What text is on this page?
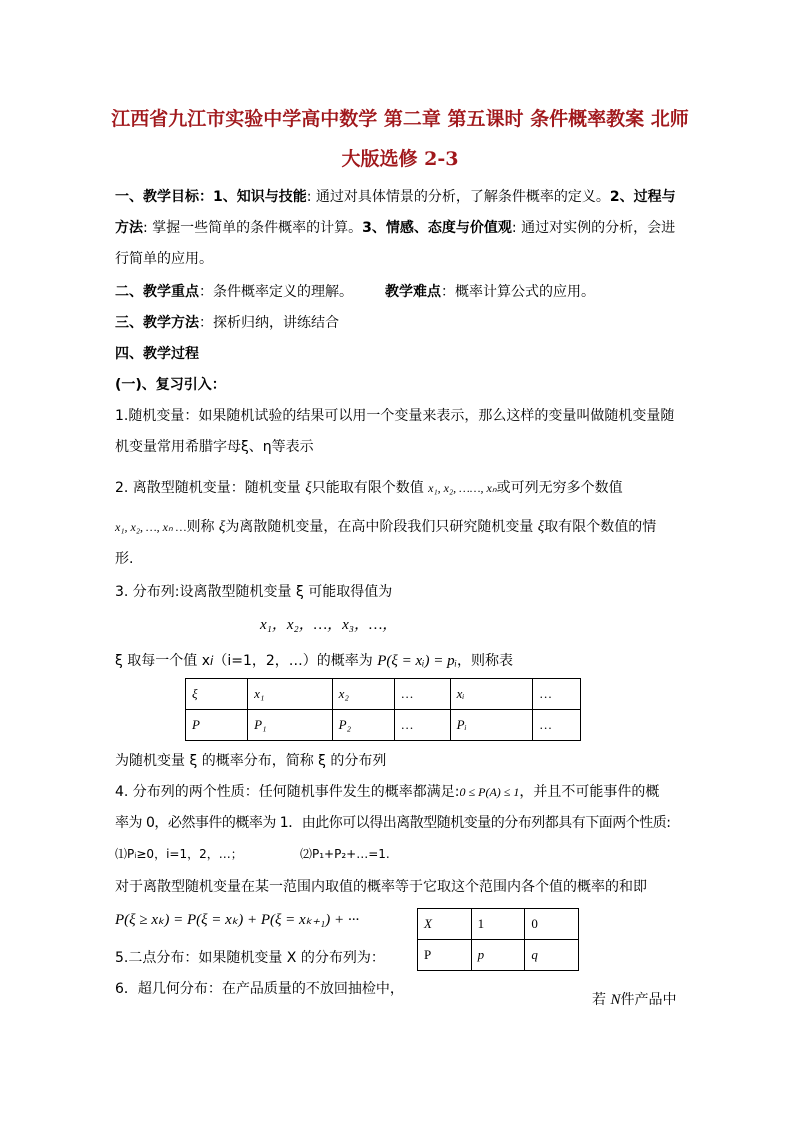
江西省九江市实验中学高中数学 第二章 第五课时 条件概率教案 北师
大版选修 2-3
一、教学目标：1、知识与技能: 通过对具体情景的分析，了解条件概率的定义。2、过程与
方法: 掌握一些简单的条件概率的计算。3、情感、态度与价值观: 通过对实例的分析，会进
行简单的应用。
二、教学重点：条件概率定义的理解。 教学难点：概率计算公式的应用。
三、教学方法：探析归纳，讲练结合
四、教学过程
(一)、复习引入：
1.随机变量：如果随机试验的结果可以用一个变量来表示，那么这样的变量叫做随机变量随
机变量常用希腊字母ξ、η等表示
2. 离散型随机变量：随机变量 ξ只能取有限个数值 x₁, x₂, ……, xₙ或可列无穷多个数值
x₁, x₂, …, xₙ …则称 ξ为离散随机变量，在高中阶段我们只研究随机变量 ξ取有限个数值的情
形.
3. 分布列:设离散型随机变量 ξ 可能取得值为
x₁，x₂，…，x₃，…，
ξ 取每一个值 xi（i=1，2，…）的概率为 P(ξ = xᵢ) = pᵢ，则称表
ξ	x₁	x₂	…	xᵢ	…
P	P₁	P₂	…	Pᵢ	…
为随机变量 ξ 的概率分布，简称 ξ 的分布列
4. 分布列的两个性质：任何随机事件发生的概率都满足:0 ≤ P(A) ≤ 1，并且不可能事件的概
率为 0，必然事件的概率为 1．由此你可以得出离散型随机变量的分布列都具有下面两个性质:
⑴Pᵢ≥0，i=1，2，…；	⑵P₁+P₂+…=1.
对于离散型随机变量在某一范围内取值的概率等于它取这个范围内各个值的概率的和即
P(ξ ≥ xₖ) = P(ξ = xₖ) + P(ξ = xₖ₊₁) + ···	X	1	0
P	p	q
5.二点分布：如果随机变量 X 的分布列为：
6．超几何分布：在产品质量的不放回抽检中，
若 N件产品中
